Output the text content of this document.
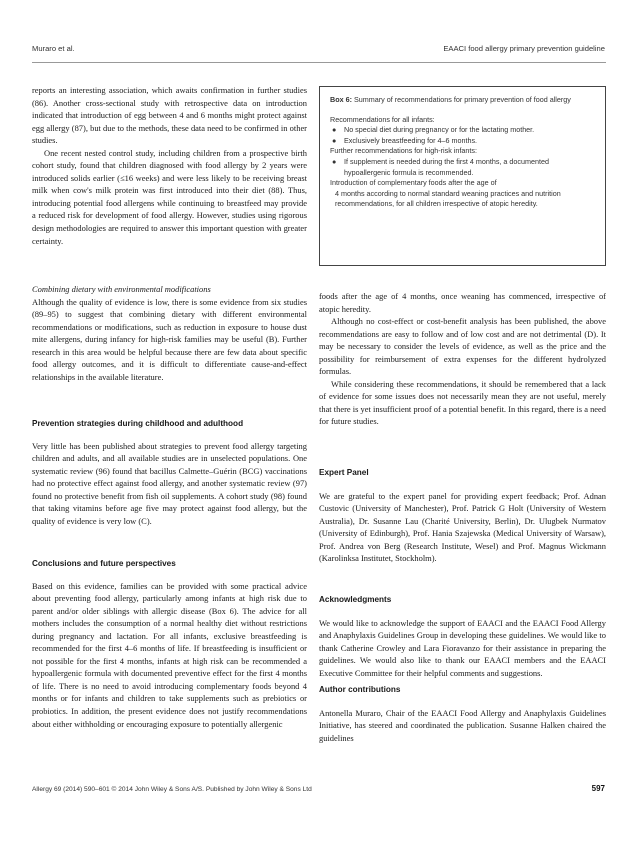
Muraro et al.	EAACI food allergy primary prevention guideline

reports an interesting association, which awaits confirmation in further studies (86). Another cross-sectional study with retrospective data on introduction indicated that introduction of egg between 4 and 6 months might protect against egg allergy (87), but due to the methods, these data need to be confirmed in other studies.

One recent nested control study, including children from a prospective birth cohort study, found that children diagnosed with food allergy by 2 years were introduced solids earlier (≤16 weeks) and were less likely to be receiving breast milk when cow's milk protein was first introduced into their diet (88). Thus, introducing potential food allergens while continuing to breastfeed may provide a reduced risk for development of food allergy. However, studies using rigorous design methodologies are required to answer this important question with greater certainty.

Combining dietary with environmental modifications

Although the quality of evidence is low, there is some evidence from six studies (89–95) to suggest that combining dietary with different environmental recommendations or modifications, such as reduction in exposure to house dust mite allergens, during infancy for high-risk families may be useful (B). Further research in this area would be helpful because there are few data about specific food allergy outcomes, and it is difficult to differentiate cause-and-effect relationships in the available literature.

Prevention strategies during childhood and adulthood

Very little has been published about strategies to prevent food allergy targeting children and adults, and all available studies are in unselected populations. One systematic review (96) found that bacillus Calmette–Guérin (BCG) vaccinations had no protective effect against food allergy, and another systematic review (97) found no protective benefit from fish oil supplements. A cohort study (98) found that taking vitamins before age five may protect against food allergy, but the quality of evidence is very low (C).

Conclusions and future perspectives

Based on this evidence, families can be provided with some practical advice about preventing food allergy, particularly among infants at high risk due to parent and/or older siblings with allergic disease (Box 6). The advice for all mothers includes the consumption of a normal healthy diet without restrictions during pregnancy and lactation. For all infants, exclusive breastfeeding is recommended for the first 4–6 months of life. If breastfeeding is insufficient or not possible for the first 4 months, infants at high risk can be recommended a hypoallergenic formula with documented preventive effect for the first 4 months of life. There is no need to avoid introducing complementary foods beyond 4 months or for infants and children to take supplements such as prebiotics or probiotics. In addition, the present evidence does not justify recommendations about either withholding or encouraging exposure to potentially allergenic

Box 6: Summary of recommendations for primary prevention of food allergy
Recommendations for all infants:
● No special diet during pregnancy or for the lactating mother.
● Exclusively breastfeeding for 4–6 months.
Further recommendations for high-risk infants:
● If supplement is needed during the first 4 months, a documented hypoallergenic formula is recommended.
Introduction of complementary foods after the age of
4 months according to normal standard weaning practices and nutrition recommendations, for all children irrespective of atopic heredity.

foods after the age of 4 months, once weaning has commenced, irrespective of atopic heredity.

Although no cost-effect or cost-benefit analysis has been published, the above recommendations are easy to follow and of low cost and are not detrimental (D). It may be necessary to consider the levels of evidence, as well as the price and the possibility for reimbursement of extra expenses for the different hydrolyzed formulas.

While considering these recommendations, it should be remembered that a lack of evidence for some issues does not necessarily mean they are not useful, merely that there is yet insufficient proof of a potential benefit. In this regard, there is a need for future studies.

Expert Panel

We are grateful to the expert panel for providing expert feedback; Prof. Adnan Custovic (University of Manchester), Prof. Patrick G Holt (University of Western Australia), Dr. Susanne Lau (Charité University, Berlin), Dr. Ulugbek Nurmatov (University of Edinburgh), Prof. Hania Szajewska (Medical University of Warsaw), Prof. Andrea von Berg (Research Institute, Wesel) and Prof. Magnus Wickmann (Karolinksa Institutet, Stockholm).

Acknowledgments

We would like to acknowledge the support of EAACI and the EAACI Food Allergy and Anaphylaxis Guidelines Group in developing these guidelines. We would like to thank Catherine Crowley and Lara Fioravanzo for their assistance in preparing the guidelines. We would also like to thank our EAACI members and the EAACI Executive Committee for their helpful comments and suggestions.

Author contributions

Antonella Muraro, Chair of the EAACI Food Allergy and Anaphylaxis Guidelines Initiative, has steered and coordinated the publication. Susanne Halken chaired the guidelines

Allergy 69 (2014) 590–601 © 2014 John Wiley & Sons A/S. Published by John Wiley & Sons Ltd	597
